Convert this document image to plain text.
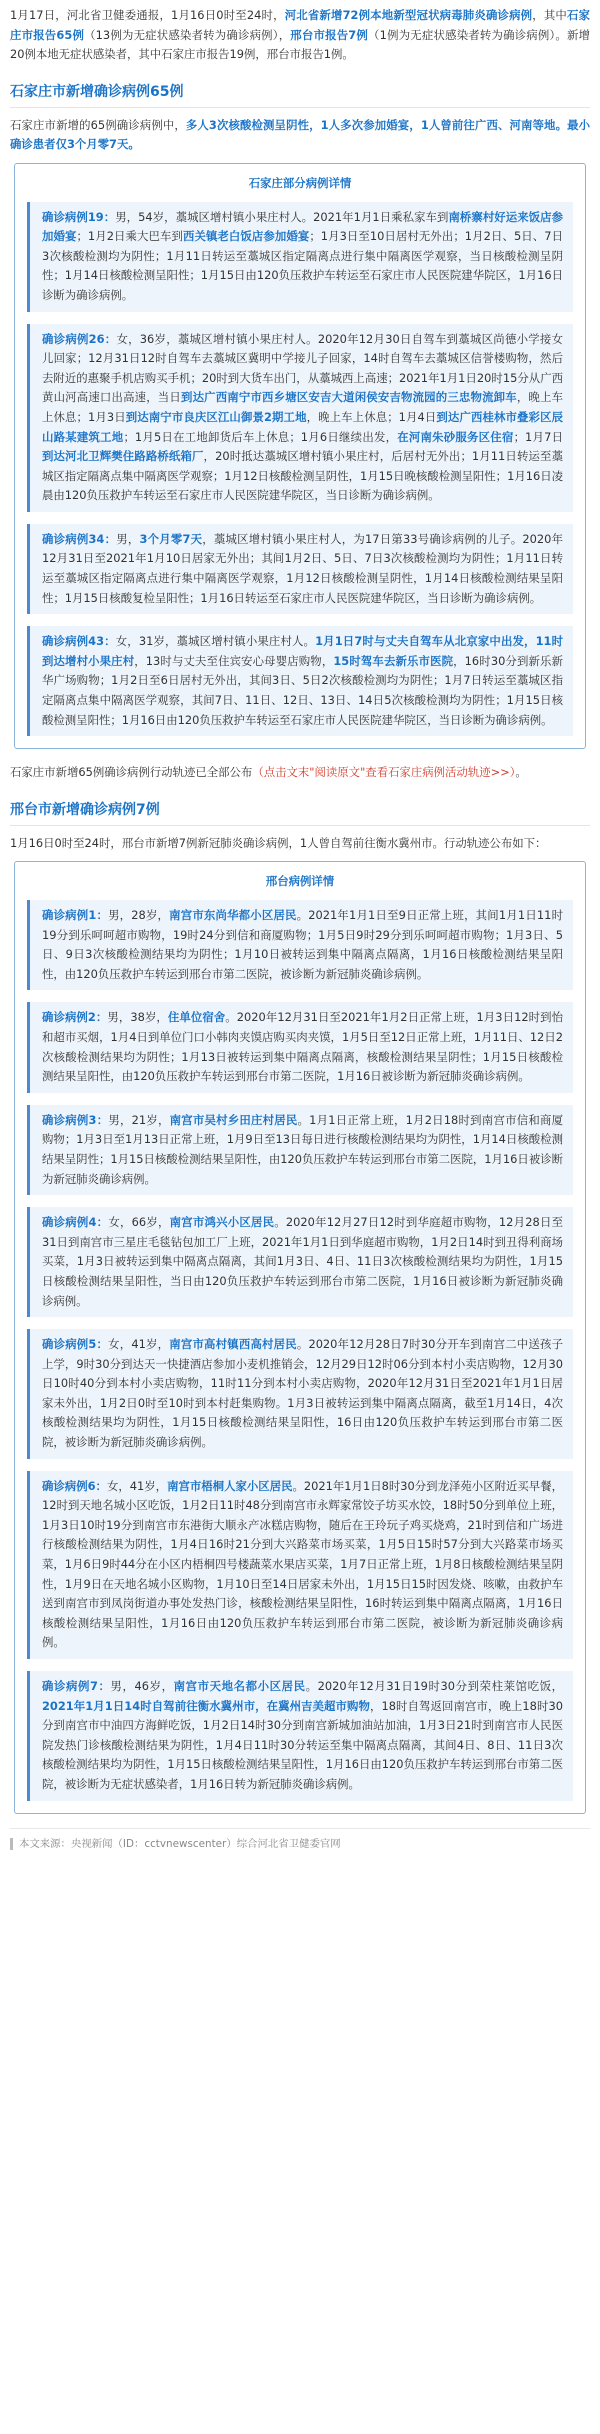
1月17日，河北省卫健委通报，1月16日0时至24时，河北省新增72例本地新型冠状病毒肺炎确诊病例，其中石家庄市报告65例（13例为无症状感染者转为确诊病例），邢台市报告7例（1例为无症状感染者转为确诊病例）。新增20例本地无症状感染者，其中石家庄市报告19例，邢台市报告1例。

石家庄市新增确诊病例65例

石家庄市新增的65例确诊病例中，多人3次核酸检测呈阴性，1人多次参加婚宴，1人曾前往广西、河南等地。最小确诊患者仅3个月零7天。

石家庄部分病例详情
确诊病例19：男，54岁，藁城区增村镇小果庄村人。2021年1月1日乘私家车到南桥寨村好运来饭店参加婚宴；1月2日乘大巴车到西关镇老白饭店参加婚宴；1月3日至10日居村无外出；1月2日、5日、7日3次核酸检测均为阴性；1月11日转运至藁城区指定隔离点进行集中隔离医学观察，当日核酸检测呈阴性；1月14日核酸检测呈阳性；1月15日由120负压救护车转运至石家庄市人民医院建华院区，1月16日诊断为确诊病例。
确诊病例26：女，36岁，藁城区增村镇小果庄村人。2020年12月30日自驾车到藁城区尚德小学接女儿回家；12月31日12时自驾车去藁城区冀明中学接儿子回家，14时自驾车去藁城区信誉楼购物，然后去附近的惠聚手机店购买手机；20时到大货车出门，从藁城西上高速；2021年1月1日20时15分从广西黄山河高速口出高速，当日到达广西南宁市西乡塘区安吉大道闲侯安吉物流园的三忠物流卸车，晚上车上休息；1月3日到达南宁市良庆区江山御景2期工地，晚上车上休息；1月4日到达广西桂林市叠彩区辰山路某建筑工地；1月5日在工地卸货后车上休息；1月6日继续出发，在河南朱砂服务区住宿；1月7日到达河北卫辉樊住路路桥纸箱厂，20时抵达藁城区增村镇小果庄村，后居村无外出；1月11日转运至藁城区指定隔离点集中隔离医学观察；1月12日核酸检测呈阴性，1月15日晚核酸检测呈阳性；1月16日凌晨由120负压救护车转运至石家庄市人民医院建华院区，当日诊断为确诊病例。
确诊病例34：男，3个月零7天，藁城区增村镇小果庄村人，为17日第33号确诊病例的儿子。2020年12月31日至2021年1月10日居家无外出；其间1月2日、5日、7日3次核酸检测均为阴性；1月11日转运至藁城区指定隔离点进行集中隔离医学观察，1月12日核酸检测呈阴性，1月14日核酸检测结果呈阳性；1月15日核酸复检呈阳性；1月16日转运至石家庄市人民医院建华院区，当日诊断为确诊病例。
确诊病例43：女，31岁，藁城区增村镇小果庄村人。1月1日7时与丈夫自驾车从北京家中出发，11时到达增村小果庄村，13时与丈夫至住宾安心母婴店购物，15时驾车去新乐市医院，16时30分到新乐新华广场购物；1月2日至6日居村无外出，其间3日、5日2次核酸检测均为阴性；1月7日转运至藁城区指定隔离点集中隔离医学观察，其间7日、11日、12日、13日、14日5次核酸检测均为阴性；1月15日核酸检测呈阳性；1月16日由120负压救护车转运至石家庄市人民医院建华院区，当日诊断为确诊病例。

石家庄市新增65例确诊病例行动轨迹已全部公布（点击文末"阅读原文"查看石家庄病例活动轨迹>>）。

邢台市新增确诊病例7例

1月16日0时至24时，邢台市新增7例新冠肺炎确诊病例，1人曾自驾前往衡水冀州市。行动轨迹公布如下：

邢台病例详情
确诊病例1：男，28岁，南宫市东尚华都小区居民。2021年1月1日至9日正常上班，其间1月1日11时19分到乐呵呵超市购物，19时24分到信和商厦购物；1月5日9时29分到乐呵呵超市购物；1月3日、5日、9日3次核酸检测结果均为阴性；1月10日被转运到集中隔离点隔离，1月16日核酸检测结果呈阳性，由120负压救护车转运到邢台市第二医院，被诊断为新冠肺炎确诊病例。
确诊病例2：男，38岁，住单位宿舍。2020年12月31日至2021年1月2日正常上班，1月3日12时到怡和超市买烟，1月4日到单位门口小韩肉夹馍店购买肉夹馍，1月5日至12日正常上班，1月11日、12日2次核酸检测结果均为阴性；1月13日被转运到集中隔离点隔离，核酸检测结果呈阴性；1月15日核酸检测结果呈阳性，由120负压救护车转运到邢台市第二医院，1月16日被诊断为新冠肺炎确诊病例。
确诊病例3：男，21岁，南宫市吴村乡田庄村居民。1月1日正常上班，1月2日18时到南宫市信和商厦购物；1月3日至1月13日正常上班，1月9日至13日每日进行核酸检测结果均为阴性，1月14日核酸检测结果呈阴性；1月15日核酸检测结果呈阳性，由120负压救护车转运到邢台市第二医院，1月16日被诊断为新冠肺炎确诊病例。
确诊病例4：女，66岁，南宫市鸿兴小区居民。2020年12月27日12时到华庭超市购物，12月28日至31日到南宫市三星庄毛毯钻包加工厂上班，2021年1月1日到华庭超市购物，1月2日14时到丑得利商场买菜，1月3日被转运到集中隔离点隔离，其间1月3日、4日、11日3次核酸检测结果均为阴性，1月15日核酸检测结果呈阳性，当日由120负压救护车转运到邢台市第二医院，1月16日被诊断为新冠肺炎确诊病例。
确诊病例5：女，41岁，南宫市高村镇西高村居民。2020年12月28日7时30分开车到南宫二中送孩子上学，9时30分到达天一快捷酒店参加小麦机推销会，12月29日12时06分到本村小卖店购物，12月30日10时40分到本村小卖店购物，11时11分到本村小卖店购物，2020年12月31日至2021年1月1日居家未外出，1月2日0时至10时到本村赶集购物。1月3日被转运到集中隔离点隔离，截至1月14日，4次核酸检测结果均为阴性，1月15日核酸检测结果呈阳性，16日由120负压救护车转运到邢台市第二医院，被诊断为新冠肺炎确诊病例。
确诊病例6：女，41岁，南宫市梧桐人家小区居民。2021年1月1日8时30分到龙泽苑小区附近买早餐，12时到天地名城小区吃饭，1月2日11时48分到南宫市永辉家常饺子坊买水饺，18时50分到单位上班，1月3日10时19分到南宫市东港街大顺永产冰糕店购物，随后在王玲玩子鸡买烧鸡，21时到信和广场进行核酸检测结果为阴性，1月4日16时21分到大兴路菜市场买菜，1月5日15时57分到大兴路菜市场买菜，1月6日9时44分在小区内梧桐四号楼蔬菜水果店买菜，1月7日正常上班，1月8日核酸检测结果呈阴性，1月9日在天地名城小区购物，1月10日至14日居家未外出，1月15日15时因发烧、咳嗽，由救护车送到南宫市到凤岗街道办事处发热门诊，核酸检测结果呈阳性，16时转运到集中隔离点隔离，1月16日核酸检测结果呈阳性，1月16日由120负压救护车转运到邢台市第二医院，被诊断为新冠肺炎确诊病例。
确诊病例7：男，46岁，南宫市天地名都小区居民。2020年12月31日19时30分到荣柱莱馆吃饭，2021年1月1日14时自驾前往衡水冀州市，在冀州吉美超市购物，18时自驾返回南宫市，晚上18时30分到南宫市中油四方海鲜吃饭，1月2日14时30分到南宫新城加油站加油，1月3日21时到南宫市人民医院发热门诊核酸检测结果为阴性，1月4日11时30分转运至集中隔离点隔离，其间4日、8日、11日3次核酸检测结果均为阴性，1月15日核酸检测结果呈阳性，1月16日由120负压救护车转运到邢台市第二医院，被诊断为无症状感染者，1月16日转为新冠肺炎确诊病例。
本文来源：央视新闻（ID：cctvnewscenter）综合河北省卫健委官网
